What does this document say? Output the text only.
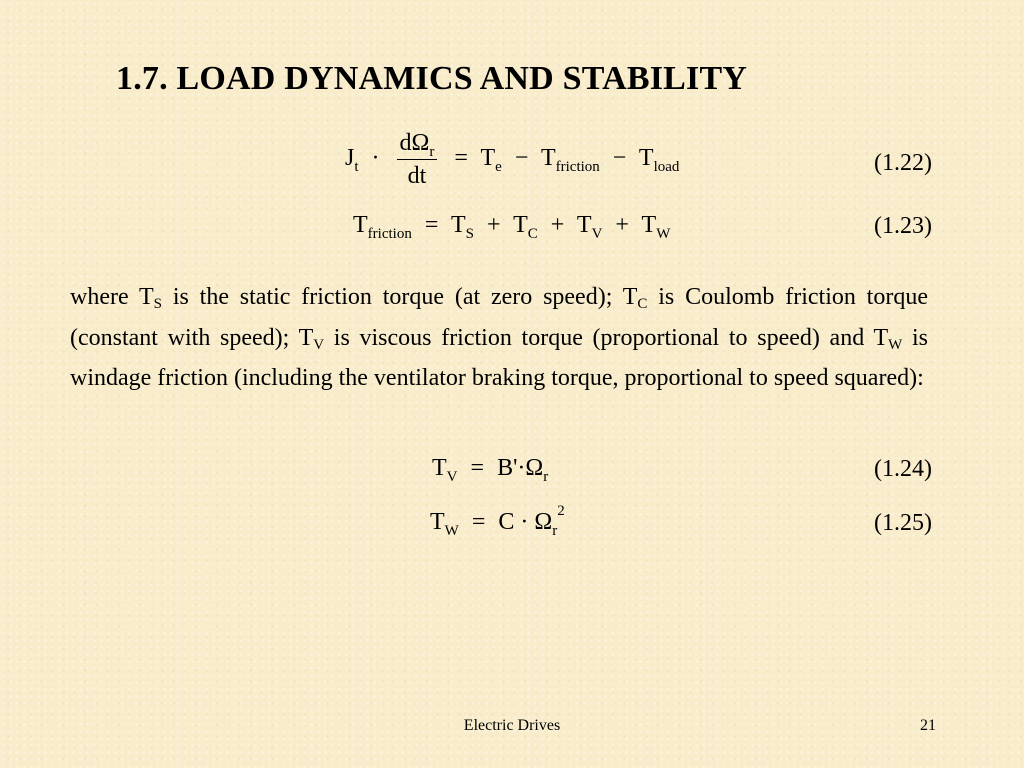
1.7. LOAD DYNAMICS AND STABILITY
$J_t \cdot \frac{d\Omega_r}{dt} = T_e - T_{friction} - T_{load}$	(1.22)
$T_{friction} = T_S + T_C + T_V + T_W$	(1.23)
where TS is the static friction torque (at zero speed); TC is Coulomb friction torque (constant with speed); TV is viscous friction torque (proportional to speed) and TW is windage friction (including the ventilator braking torque, proportional to speed squared):
$T_V = B'\cdot\Omega_r$	(1.24)
$T_W = C \cdot \Omega_r^2$	(1.25)
Electric Drives	21
